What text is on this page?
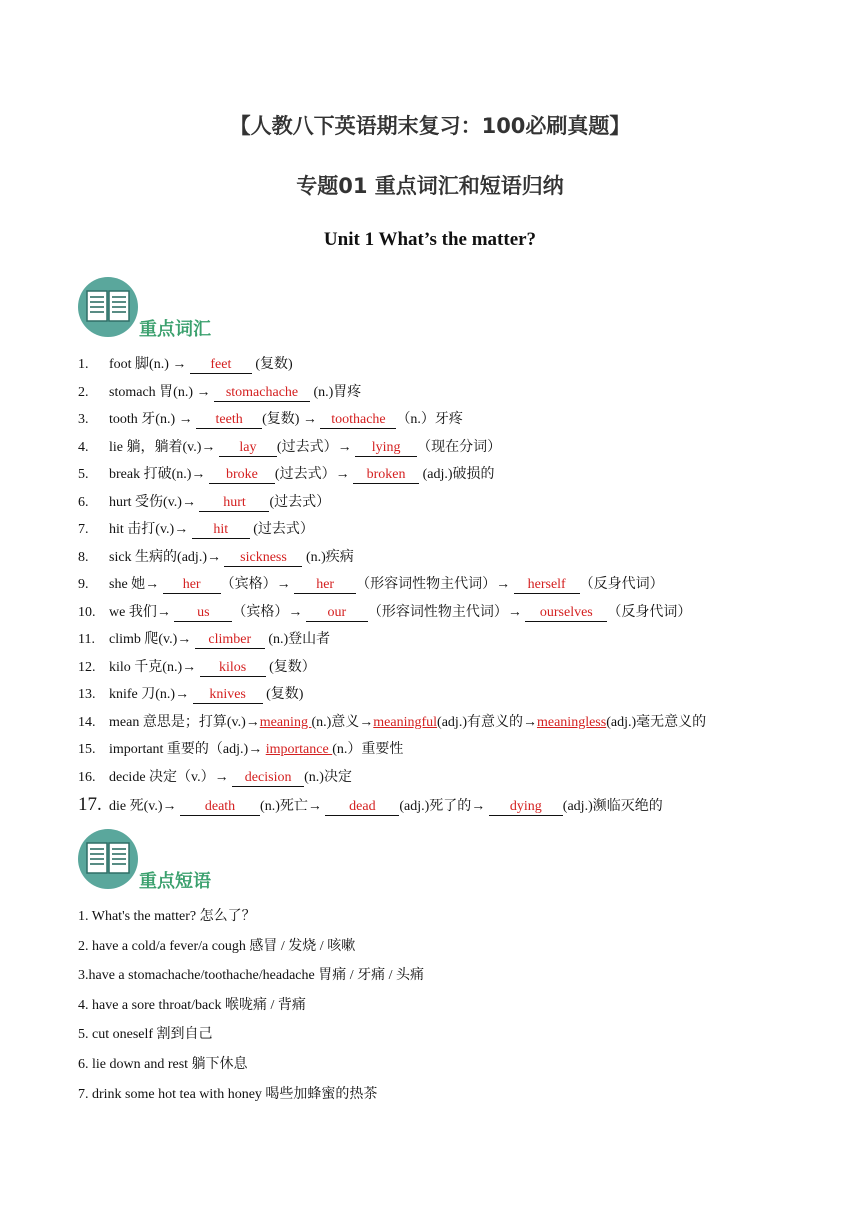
【人教八下英语期末复习：100必刷真题】
专题01 重点词汇和短语归纳
Unit 1 What’s the matter?
重点词汇
1. foot 脚(n.) → feet (复数)
2. stomach 胃(n.) → stomachache (n.)胃疼
3. tooth 牙(n.) → teeth (复数) → toothache （n.）牙疼
4. lie 躺，躺着(v.)→ lay (过去式）→ lying （现在分词）
5. break 打破(n.)→ broke (过去式）→ broken (adj.)破损的
6. hurt 受伤(v.)→ hurt (过去式）
7. hit 击打(v.)→ hit (过去式）
8. sick 生病的(adj.)→ sickness (n.)疾病
9. she 她→ her （宾格）→ her （形容词性物主代词）→ herself （反身代词）
10. we 我们→ us （宾格）→ our （形容词性物主代词）→ ourselves （反身代词）
11. climb 爬(v.)→ climber (n.)登山者
12. kilo 千克(n.)→ kilos (复数）
13. knife 刀(n.)→ knives (复数)
14. mean 意思是；打算(v.)→meaning (n.)意义→meaningful(adj.)有意义的→meaningless(adj.)毫无意义的
15. important 重要的（adj.)→ importance (n.）重要性
16. decide 决定（v.）→ decision (n.)决定
17. die 死(v.)→ death (n.)死亡→ dead (adj.)死了的→ dying (adj.)濒临灭绝的
重点短语
1. What's the matter? 怎么了？
2. have a cold/a fever/a cough 感冒 / 发烧 / 咳嗽
3.have a stomachache/toothache/headache 胃痛 / 牙痛 / 头痛
4. have a sore throat/back 喉咙痛 / 背痛
5. cut oneself 割到自己
6. lie down and rest 躺下休息
7. drink some hot tea with honey 喝些加蜂蜜的热茶
